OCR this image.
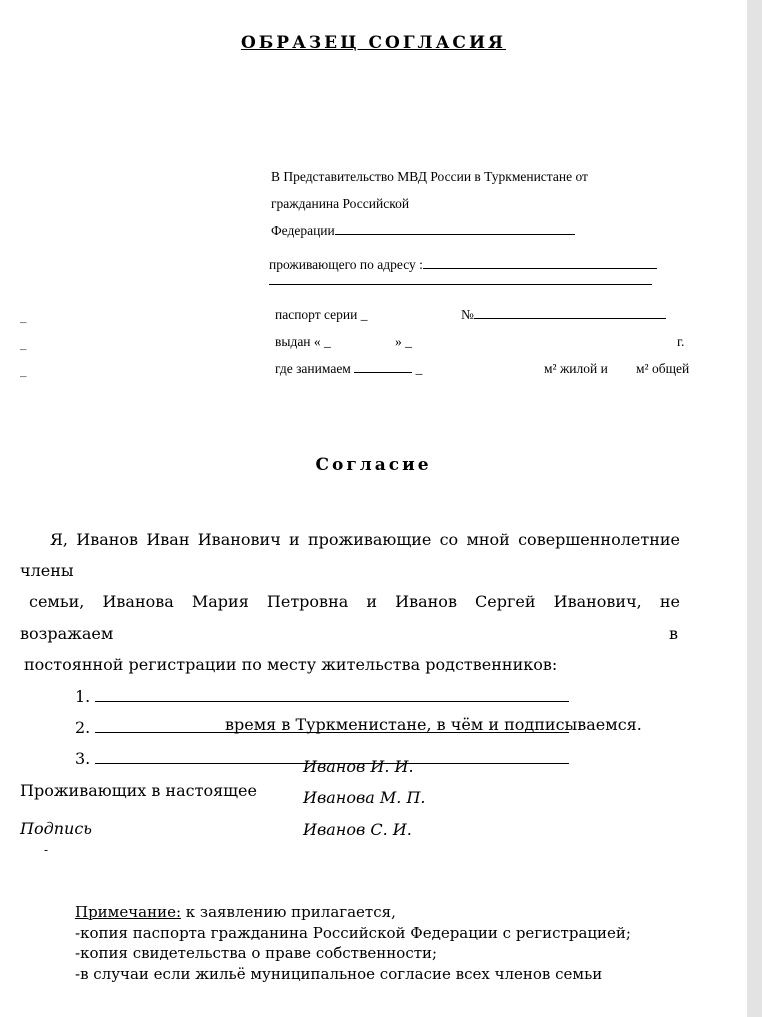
ОБРАЗЕЦ СОГЛАСИЯ
В Представительство МВД России в Туркменистане от
гражданина Российской
Федерации
проживающего по адресу :
_
_
_
паспорт серии _	№
выдан « _	» _	г.
где занимаем	_	м² жилой и м² общей
Согласие
Я, Иванов Иван Иванович и проживающие со мной совершеннолетние
члены
семьи, Иванова Мария Петровна и Иванов Сергей Иванович, не
возражаем	в
постоянной регистрации по месту жительства родственников:
1.
2.	время в Туркменистане, в чём и подписываемся.
3.
Проживающих в настоящее
Подпись
-
Иванов И. И.
Иванова М. П.
Иванов С. И.
Примечание: к заявлению прилагается,
-копия паспорта гражданина Российской Федерации с регистрацией;
-копия свидетельства о праве собственности;
-в случаи если жильё муниципальное согласие всех членов семьи
